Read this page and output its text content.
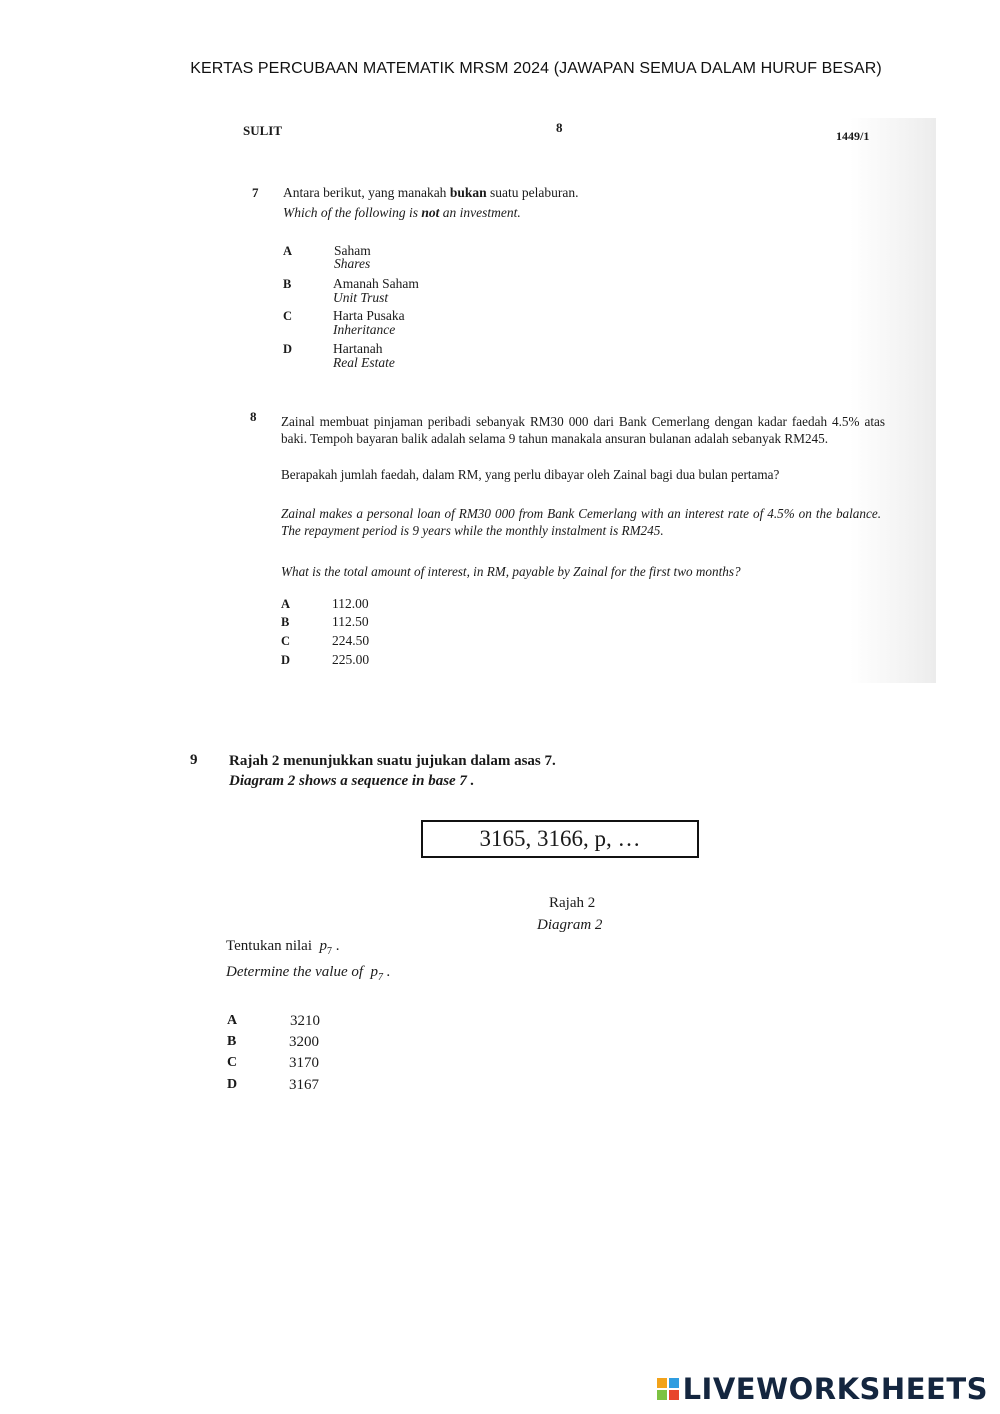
KERTAS PERCUBAAN MATEMATIK MRSM 2024 (JAWAPAN SEMUA DALAM HURUF BESAR)
SULIT	8
1449/1
7 Antara berikut, yang manakah bukan suatu pelaburan.
Which of the following is not an investment.
A	Saham
Shares
B	Amanah Saham
Unit Trust
C	Harta Pusaka
Inheritance
D	Hartanah
Real Estate
8 Zainal membuat pinjaman peribadi sebanyak RM30 000 dari Bank Cemerlang dengan kadar faedah 4.5% atas baki. Tempoh bayaran balik adalah selama 9 tahun manakala ansuran bulanan adalah sebanyak RM245.
Berapakah jumlah faedah, dalam RM, yang perlu dibayar oleh Zainal bagi dua bulan pertama?
Zainal makes a personal loan of RM30 000 from Bank Cemerlang with an interest rate of 4.5% on the balance. The repayment period is 9 years while the monthly instalment is RM245.
What is the total amount of interest, in RM, payable by Zainal for the first two months?
A	112.00
B	112.50
C	224.50
D	225.00
9 Rajah 2 menunjukkan suatu jujukan dalam asas 7.
Diagram 2 shows a sequence in base 7 .
3165, 3166, p, …
Rajah 2
Diagram 2
Tentukan nilai $p_7$ .
Determine the value of $p_7$ .
A	3210
B	3200
C	3170
D	3167
LIVEWORKSHEETS
